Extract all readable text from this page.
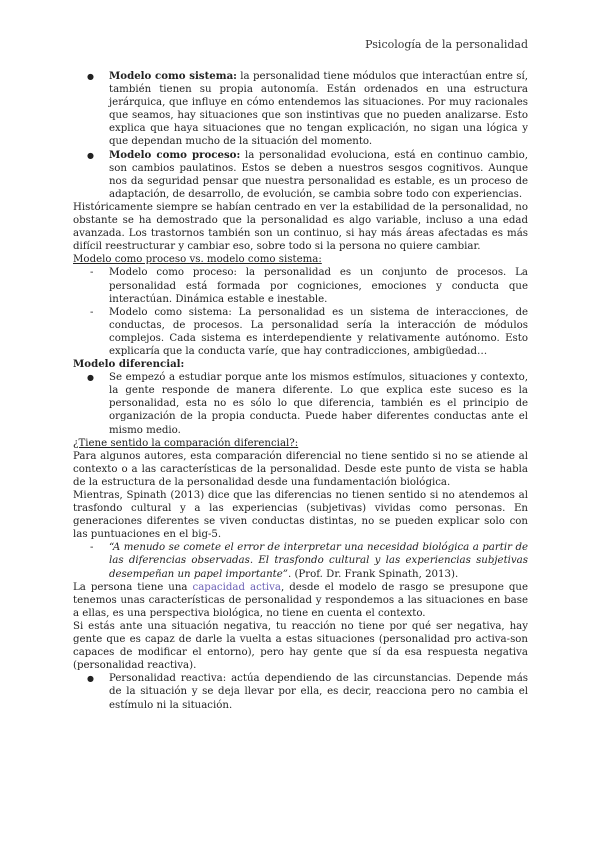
Psicología de la personalidad
● Modelo como sistema: la personalidad tiene módulos que interactúan entre sí, también tienen su propia autonomía. Están ordenados en una estructura jerárquica, que influye en cómo entendemos las situaciones. Por muy racionales que seamos, hay situaciones que son instintivas que no pueden analizarse. Esto explica que haya situaciones que no tengan explicación, no sigan una lógica y que dependan mucho de la situación del momento.
● Modelo como proceso: la personalidad evoluciona, está en continuo cambio, son cambios paulatinos. Estos se deben a nuestros sesgos cognitivos. Aunque nos da seguridad pensar que nuestra personalidad es estable, es un proceso de adaptación, de desarrollo, de evolución, se cambia sobre todo con experiencias.

Históricamente siempre se habían centrado en ver la estabilidad de la personalidad, no obstante se ha demostrado que la personalidad es algo variable, incluso a una edad avanzada. Los trastornos también son un continuo, si hay más áreas afectadas es más difícil reestructurar y cambiar eso, sobre todo si la persona no quiere cambiar.

Modelo como proceso vs. modelo como sistema:

- Modelo como proceso: la personalidad es un conjunto de procesos. La personalidad está formada por cogniciones, emociones y conducta que interactúan. Dinámica estable e inestable.
- Modelo como sistema: La personalidad es un sistema de interacciones, de conductas, de procesos. La personalidad sería la interacción de módulos complejos. Cada sistema es interdependiente y relativamente autónomo. Esto explicaría que la conducta varíe, que hay contradicciones, ambigüedad…

Modelo diferencial:

● Se empezó a estudiar porque ante los mismos estímulos, situaciones y contexto, la gente responde de manera diferente. Lo que explica este suceso es la personalidad, esta no es sólo lo que diferencia, también es el principio de organización de la propia conducta. Puede haber diferentes conductas ante el mismo medio.

¿Tiene sentido la comparación diferencial?:

Para algunos autores, esta comparación diferencial no tiene sentido si no se atiende al contexto o a las características de la personalidad. Desde este punto de vista se habla de la estructura de la personalidad desde una fundamentación biológica.

Mientras, Spinath (2013) dice que las diferencias no tienen sentido si no atendemos al trasfondo cultural y a las experiencias (subjetivas) vividas como personas. En generaciones diferentes se viven conductas distintas, no se pueden explicar solo con las puntuaciones en el big-5.

- “A menudo se comete el error de interpretar una necesidad biológica a partir de las diferencias observadas. El trasfondo cultural y las experiencias subjetivas desempeñan un papel importante”. (Prof. Dr. Frank Spinath, 2013).

La persona tiene una capacidad activa, desde el modelo de rasgo se presupone que tenemos unas características de personalidad y respondemos a las situaciones en base a ellas, es una perspectiva biológica, no tiene en cuenta el contexto.

Si estás ante una situación negativa, tu reacción no tiene por qué ser negativa, hay gente que es capaz de darle la vuelta a estas situaciones (personalidad pro activa-son capaces de modificar el entorno), pero hay gente que sí da esa respuesta negativa (personalidad reactiva).

● Personalidad reactiva: actúa dependiendo de las circunstancias. Depende más de la situación y se deja llevar por ella, es decir, reacciona pero no cambia el estímulo ni la situación.
